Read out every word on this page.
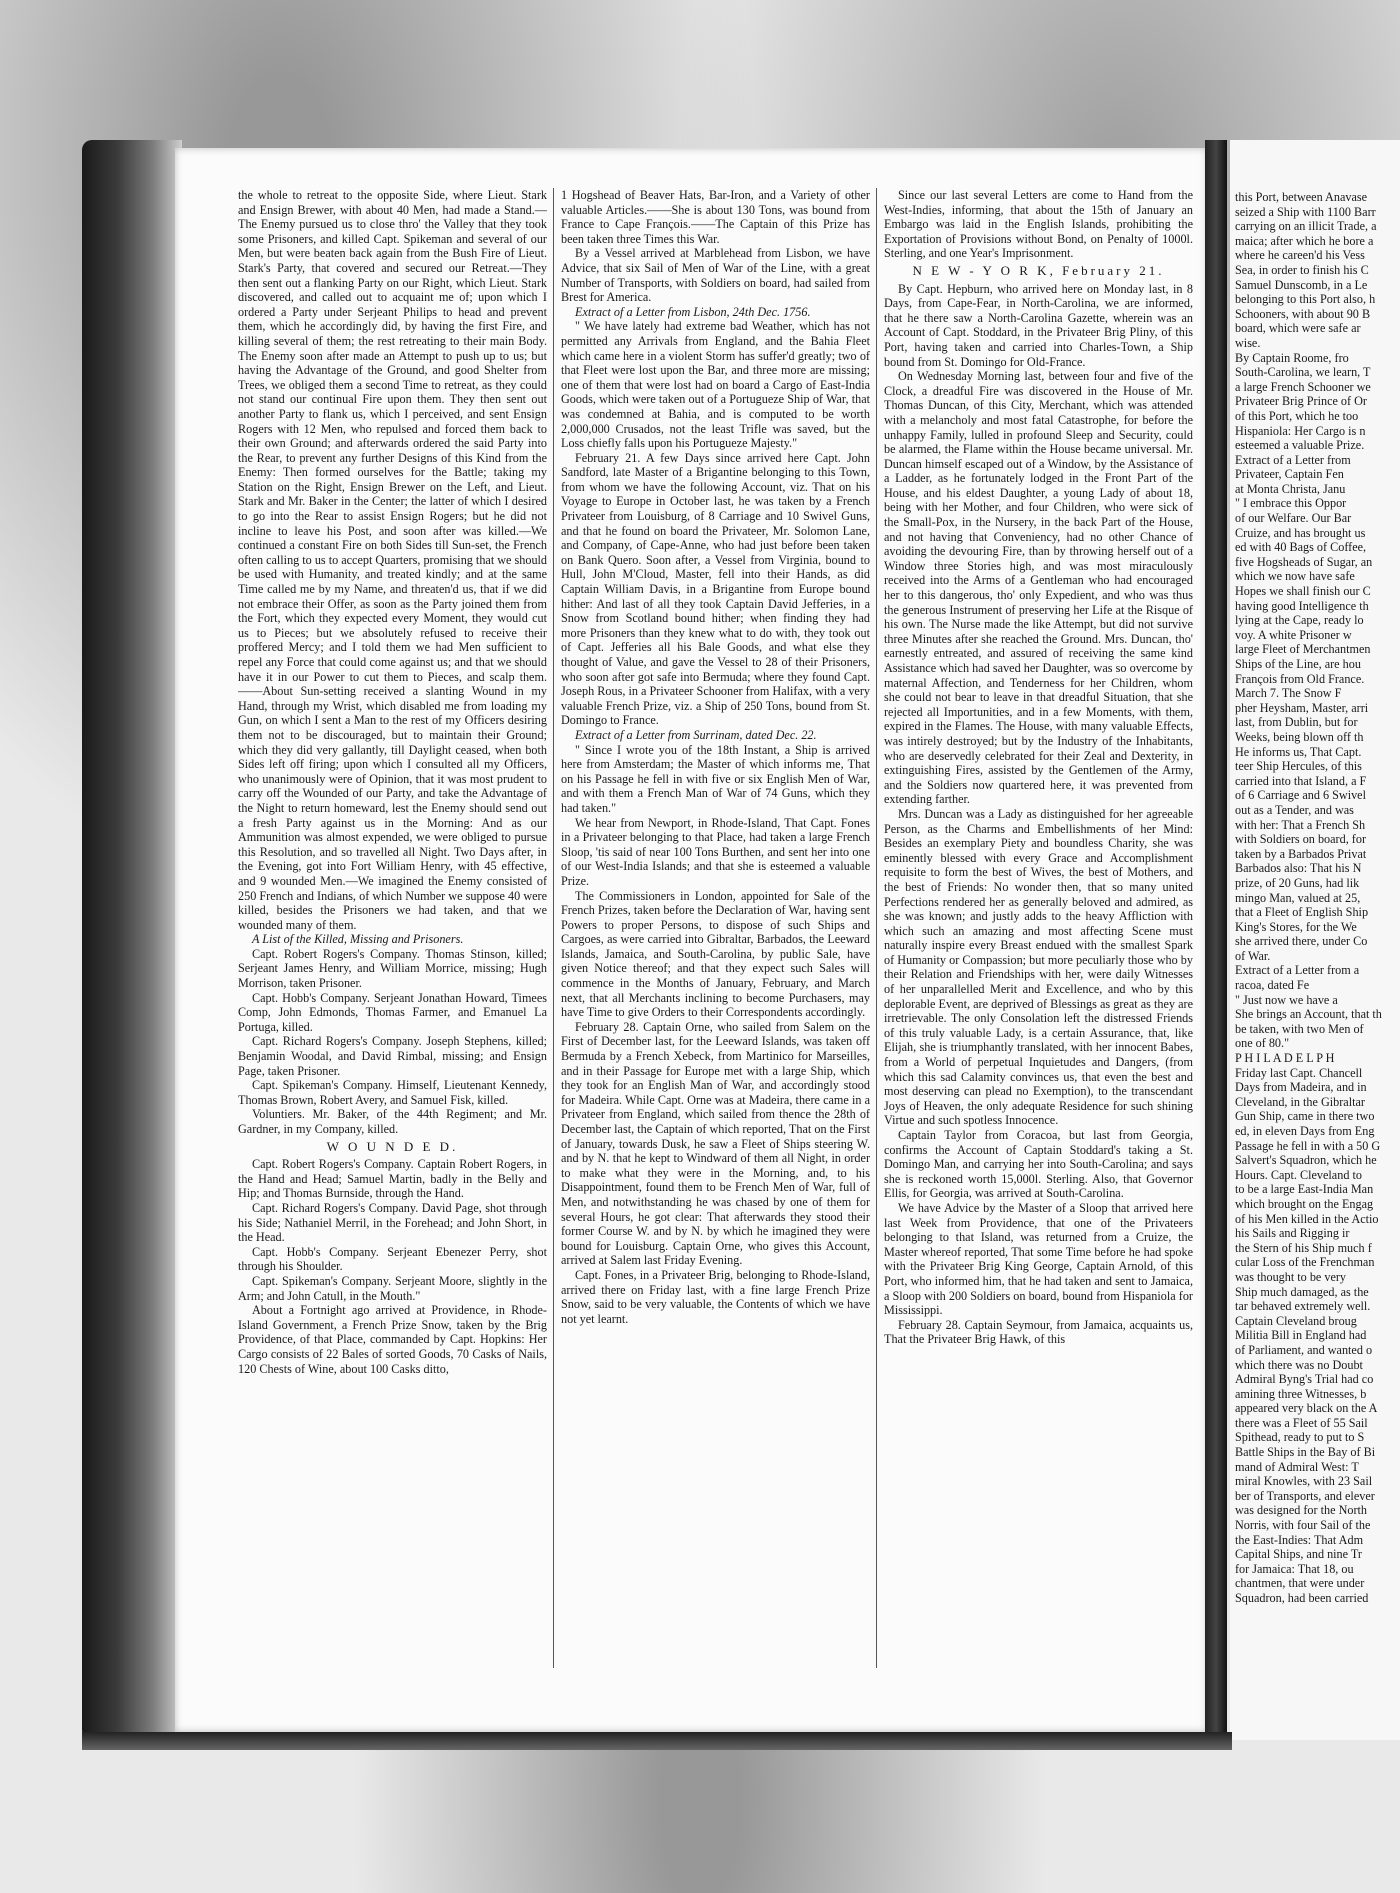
the whole to retreat to the opposite Side, where Lieut. Stark and Ensign Brewer, with about 40 Men, had made a Stand.—The Enemy pursued us to close thro' the Valley that they took some Prisoners, and killed Capt. Spikeman and several of our Men, but were beaten back again from the Bush Fire of Lieut. Stark's Party, that covered and secured our Retreat.—They then sent out a flanking Party on our Right, which Lieut. Stark discovered, and called out to acquaint me of; upon which I ordered a Party under Serjeant Philips to head and prevent them, which he accordingly did, by having the first Fire, and killing several of them; the rest retreating to their main Body. The Enemy soon after made an Attempt to push up to us; but having the Advantage of the Ground, and good Shelter from Trees, we obliged them a second Time to retreat, as they could not stand our continual Fire upon them. They then sent out another Party to flank us, which I perceived, and sent Ensign Rogers with 12 Men, who repulsed and forced them back to their own Ground; and afterwards ordered the said Party into the Rear, to prevent any further Designs of this Kind from the Enemy: Then formed ourselves for the Battle; taking my Station on the Right, Ensign Brewer on the Left, and Lieut. Stark and Mr. Baker in the Center; the latter of which I desired to go into the Rear to assist Ensign Rogers; but he did not incline to leave his Post, and soon after was killed.—We continued a constant Fire on both Sides till Sun-set, the French often calling to us to accept Quarters, promising that we should be used with Humanity, and treated kindly; and at the same Time called me by my Name, and threaten'd us, that if we did not embrace their Offer, as soon as the Party joined them from the Fort, which they expected every Moment, they would cut us to Pieces; but we absolutely refused to receive their proffered Mercy; and I told them we had Men sufficient to repel any Force that could come against us; and that we should have it in our Power to cut them to Pieces, and scalp them.——About Sun-setting received a slanting Wound in my Hand, through my Wrist, which disabled me from loading my Gun, on which I sent a Man to the rest of my Officers desiring them not to be discouraged, but to maintain their Ground; which they did very gallantly, till Daylight ceased, when both Sides left off firing; upon which I consulted all my Officers, who unanimously were of Opinion, that it was most prudent to carry off the Wounded of our Party, and take the Advantage of the Night to return homeward, lest the Enemy should send out a fresh Party against us in the Morning: And as our Ammunition was almost expended, we were obliged to pursue this Resolution, and so travelled all Night. Two Days after, in the Evening, got into Fort William Henry, with 45 effective, and 9 wounded Men.—We imagined the Enemy consisted of 250 French and Indians, of which Number we suppose 40 were killed, besides the Prisoners we had taken, and that we wounded many of them.

A List of the Killed, Missing and Prisoners.

Capt. Robert Rogers's Company. Thomas Stinson, killed; Serjeant James Henry, and William Morrice, missing; Hugh Morrison, taken Prisoner.

Capt. Hobb's Company. Serjeant Jonathan Howard, Timees Comp, John Edmonds, Thomas Farmer, and Emanuel La Portuga, killed.

Capt. Richard Rogers's Company. Joseph Stephens, killed; Benjamin Woodal, and David Rimbal, missing; and Ensign Page, taken Prisoner.

Capt. Spikeman's Company. Himself, Lieutenant Kennedy, Thomas Brown, Robert Avery, and Samuel Fisk, killed.

Voluntiers. Mr. Baker, of the 44th Regiment; and Mr. Gardner, in my Company, killed.

W O U N D E D.

Capt. Robert Rogers's Company. Captain Robert Rogers, in the Hand and Head; Samuel Martin, badly in the Belly and Hip; and Thomas Burnside, through the Hand.

Capt. Richard Rogers's Company. David Page, shot through his Side; Nathaniel Merril, in the Forehead; and John Short, in the Head.

Capt. Hobb's Company. Serjeant Ebenezer Perry, shot through his Shoulder.

Capt. Spikeman's Company. Serjeant Moore, slightly in the Arm; and John Catull, in the Mouth."

About a Fortnight ago arrived at Providence, in Rhode-Island Government, a French Prize Snow, taken by the Brig Providence, of that Place, commanded by Capt. Hopkins: Her Cargo consists of 22 Bales of sorted Goods, 70 Casks of Nails, 120 Chests of Wine, about 100 Casks ditto,

1 Hogshead of Beaver Hats, Bar-Iron, and a Variety of other valuable Articles.——She is about 130 Tons, was bound from France to Cape François.——The Captain of this Prize has been taken three Times this War.

By a Vessel arrived at Marblehead from Lisbon, we have Advice, that six Sail of Men of War of the Line, with a great Number of Transports, with Soldiers on board, had sailed from Brest for America.

Extract of a Letter from Lisbon, 24th Dec. 1756.

" We have lately had extreme bad Weather, which has not permitted any Arrivals from England, and the Bahia Fleet which came here in a violent Storm has suffer'd greatly; two of that Fleet were lost upon the Bar, and three more are missing; one of them that were lost had on board a Cargo of East-India Goods, which were taken out of a Portugueze Ship of War, that was condemned at Bahia, and is computed to be worth 2,000,000 Crusados, not the least Trifle was saved, but the Loss chiefly falls upon his Portugueze Majesty."

February 21. A few Days since arrived here Capt. John Sandford, late Master of a Brigantine belonging to this Town, from whom we have the following Account, viz. That on his Voyage to Europe in October last, he was taken by a French Privateer from Louisburg, of 8 Carriage and 10 Swivel Guns, and that he found on board the Privateer, Mr. Solomon Lane, and Company, of Cape-Anne, who had just before been taken on Bank Quero. Soon after, a Vessel from Virginia, bound to Hull, John M'Cloud, Master, fell into their Hands, as did Captain William Davis, in a Brigantine from Europe bound hither: And last of all they took Captain David Jefferies, in a Snow from Scotland bound hither; when finding they had more Prisoners than they knew what to do with, they took out of Capt. Jefferies all his Bale Goods, and what else they thought of Value, and gave the Vessel to 28 of their Prisoners, who soon after got safe into Bermuda; where they found Capt. Joseph Rous, in a Privateer Schooner from Halifax, with a very valuable French Prize, viz. a Ship of 250 Tons, bound from St. Domingo to France.

Extract of a Letter from Surrinam, dated Dec. 22.

" Since I wrote you of the 18th Instant, a Ship is arrived here from Amsterdam; the Master of which informs me, That on his Passage he fell in with five or six English Men of War, and with them a French Man of War of 74 Guns, which they had taken."

We hear from Newport, in Rhode-Island, That Capt. Fones in a Privateer belonging to that Place, had taken a large French Sloop, 'tis said of near 100 Tons Burthen, and sent her into one of our West-India Islands; and that she is esteemed a valuable Prize.

The Commissioners in London, appointed for Sale of the French Prizes, taken before the Declaration of War, having sent Powers to proper Persons, to dispose of such Ships and Cargoes, as were carried into Gibraltar, Barbados, the Leeward Islands, Jamaica, and South-Carolina, by public Sale, have given Notice thereof; and that they expect such Sales will commence in the Months of January, February, and March next, that all Merchants inclining to become Purchasers, may have Time to give Orders to their Correspondents accordingly.

February 28. Captain Orne, who sailed from Salem on the First of December last, for the Leeward Islands, was taken off Bermuda by a French Xebeck, from Martinico for Marseilles, and in their Passage for Europe met with a large Ship, which they took for an English Man of War, and accordingly stood for Madeira. While Capt. Orne was at Madeira, there came in a Privateer from England, which sailed from thence the 28th of December last, the Captain of which reported, That on the First of January, towards Dusk, he saw a Fleet of Ships steering W. and by N. that he kept to Windward of them all Night, in order to make what they were in the Morning, and, to his Disappointment, found them to be French Men of War, full of Men, and notwithstanding he was chased by one of them for several Hours, he got clear: That afterwards they stood their former Course W. and by N. by which he imagined they were bound for Louisburg. Captain Orne, who gives this Account, arrived at Salem last Friday Evening.

Capt. Fones, in a Privateer Brig, belonging to Rhode-Island, arrived there on Friday last, with a fine large French Prize Snow, said to be very valuable, the Contents of which we have not yet learnt.

Since our last several Letters are come to Hand from the West-Indies, informing, that about the 15th of January an Embargo was laid in the English Islands, prohibiting the Exportation of Provisions without Bond, on Penalty of 1000l. Sterling, and one Year's Imprisonment.

N E W - Y O R K, February 21.

By Capt. Hepburn, who arrived here on Monday last, in 8 Days, from Cape-Fear, in North-Carolina, we are informed, that he there saw a North-Carolina Gazette, wherein was an Account of Capt. Stoddard, in the Privateer Brig Pliny, of this Port, having taken and carried into Charles-Town, a Ship bound from St. Domingo for Old-France.

On Wednesday Morning last, between four and five of the Clock, a dreadful Fire was discovered in the House of Mr. Thomas Duncan, of this City, Merchant, which was attended with a melancholy and most fatal Catastrophe, for before the unhappy Family, lulled in profound Sleep and Security, could be alarmed, the Flame within the House became universal. Mr. Duncan himself escaped out of a Window, by the Assistance of a Ladder, as he fortunately lodged in the Front Part of the House, and his eldest Daughter, a young Lady of about 18, being with her Mother, and four Children, who were sick of the Small-Pox, in the Nursery, in the back Part of the House, and not having that Conveniency, had no other Chance of avoiding the devouring Fire, than by throwing herself out of a Window three Stories high, and was most miraculously received into the Arms of a Gentleman who had encouraged her to this dangerous, tho' only Expedient, and who was thus the generous Instrument of preserving her Life at the Risque of his own. The Nurse made the like Attempt, but did not survive three Minutes after she reached the Ground. Mrs. Duncan, tho' earnestly entreated, and assured of receiving the same kind Assistance which had saved her Daughter, was so overcome by maternal Affection, and Tenderness for her Children, whom she could not bear to leave in that dreadful Situation, that she rejected all Importunities, and in a few Moments, with them, expired in the Flames. The House, with many valuable Effects, was intirely destroyed; but by the Industry of the Inhabitants, who are deservedly celebrated for their Zeal and Dexterity, in extinguishing Fires, assisted by the Gentlemen of the Army, and the Soldiers now quartered here, it was prevented from extending farther.

Mrs. Duncan was a Lady as distinguished for her agreeable Person, as the Charms and Embellishments of her Mind: Besides an exemplary Piety and boundless Charity, she was eminently blessed with every Grace and Accomplishment requisite to form the best of Wives, the best of Mothers, and the best of Friends: No wonder then, that so many united Perfections rendered her as generally beloved and admired, as she was known; and justly adds to the heavy Affliction with which such an amazing and most affecting Scene must naturally inspire every Breast endued with the smallest Spark of Humanity or Compassion; but more peculiarly those who by their Relation and Friendships with her, were daily Witnesses of her unparallelled Merit and Excellence, and who by this deplorable Event, are deprived of Blessings as great as they are irretrievable. The only Consolation left the distressed Friends of this truly valuable Lady, is a certain Assurance, that, like Elijah, she is triumphantly translated, with her innocent Babes, from a World of perpetual Inquietudes and Dangers, (from which this sad Calamity convinces us, that even the best and most deserving can plead no Exemption), to the transcendant Joys of Heaven, the only adequate Residence for such shining Virtue and such spotless Innocence.

Captain Taylor from Coracoa, but last from Georgia, confirms the Account of Captain Stoddard's taking a St. Domingo Man, and carrying her into South-Carolina; and says she is reckoned worth 15,000l. Sterling. Also, that Governor Ellis, for Georgia, was arrived at South-Carolina.

We have Advice by the Master of a Sloop that arrived here last Week from Providence, that one of the Privateers belonging to that Island, was returned from a Cruize, the Master whereof reported, That some Time before he had spoke with the Privateer Brig King George, Captain Arnold, of this Port, who informed him, that he had taken and sent to Jamaica, a Sloop with 200 Soldiers on board, bound from Hispaniola for Mississippi.

February 28. Captain Seymour, from Jamaica, acquaints us, That the Privateer Brig Hawk, of this

this Port, between Anavase
seized a Ship with 1100 Barr
carrying on an illicit Trade, a
maica; after which he bore a
where he careen'd his Vess
Sea, in order to finish his C
Samuel Dunscomb, in a Le
belonging to this Port also, h
Schooners, with about 90 B
board, which were safe ar
wise.
By Captain Roome, fro
South-Carolina, we learn, T
a large French Schooner we
Privateer Brig Prince of Or
of this Port, which he too
Hispaniola: Her Cargo is n
esteemed a valuable Prize.
Extract of a Letter from
Privateer, Captain Fen
at Monta Christa, Janu
" I embrace this Oppor
of our Welfare. Our Bar
Cruize, and has brought us
ed with 40 Bags of Coffee,
five Hogsheads of Sugar, an
which we now have safe
Hopes we shall finish our C
having good Intelligence th
lying at the Cape, ready lo
voy. A white Prisoner w
large Fleet of Merchantmen
Ships of the Line, are hou
François from Old France.
March 7. The Snow F
pher Heysham, Master, arri
last, from Dublin, but for
Weeks, being blown off th
He informs us, That Capt.
teer Ship Hercules, of this
carried into that Island, a F
of 6 Carriage and 6 Swivel
out as a Tender, and was
with her: That a French Sh
with Soldiers on board, for
taken by a Barbados Privat
Barbados also: That his N
prize, of 20 Guns, had lik
mingo Man, valued at 25,
that a Fleet of English Ship
King's Stores, for the We
she arrived there, under Co
of War.
Extract of a Letter from a
racoa, dated Fe
" Just now we have a
She brings an Account, that th
be taken, with two Men of
one of 80."
P H I L A D E L P H
Friday last Capt. Chancell
Days from Madeira, and in
Cleveland, in the Gibraltar
Gun Ship, came in there two
ed, in eleven Days from Eng
Passage he fell in with a 50 G
Salvert's Squadron, which he
Hours. Capt. Cleveland to
to be a large East-India Man
which brought on the Engag
of his Men killed in the Actio
his Sails and Rigging ir
the Stern of his Ship much f
cular Loss of the Frenchman
was thought to be very
Ship much damaged, as the
tar behaved extremely well.
Captain Cleveland broug
Militia Bill in England had
of Parliament, and wanted o
which there was no Doubt
Admiral Byng's Trial had co
amining three Witnesses, b
appeared very black on the A
there was a Fleet of 55 Sail
Spithead, ready to put to S
Battle Ships in the Bay of Bi
mand of Admiral West: T
miral Knowles, with 23 Sail
ber of Transports, and elever
was designed for the North
Norris, with four Sail of the
the East-Indies: That Adm
Capital Ships, and nine Tr
for Jamaica: That 18, ou
chantmen, that were under
Squadron, had been carried
